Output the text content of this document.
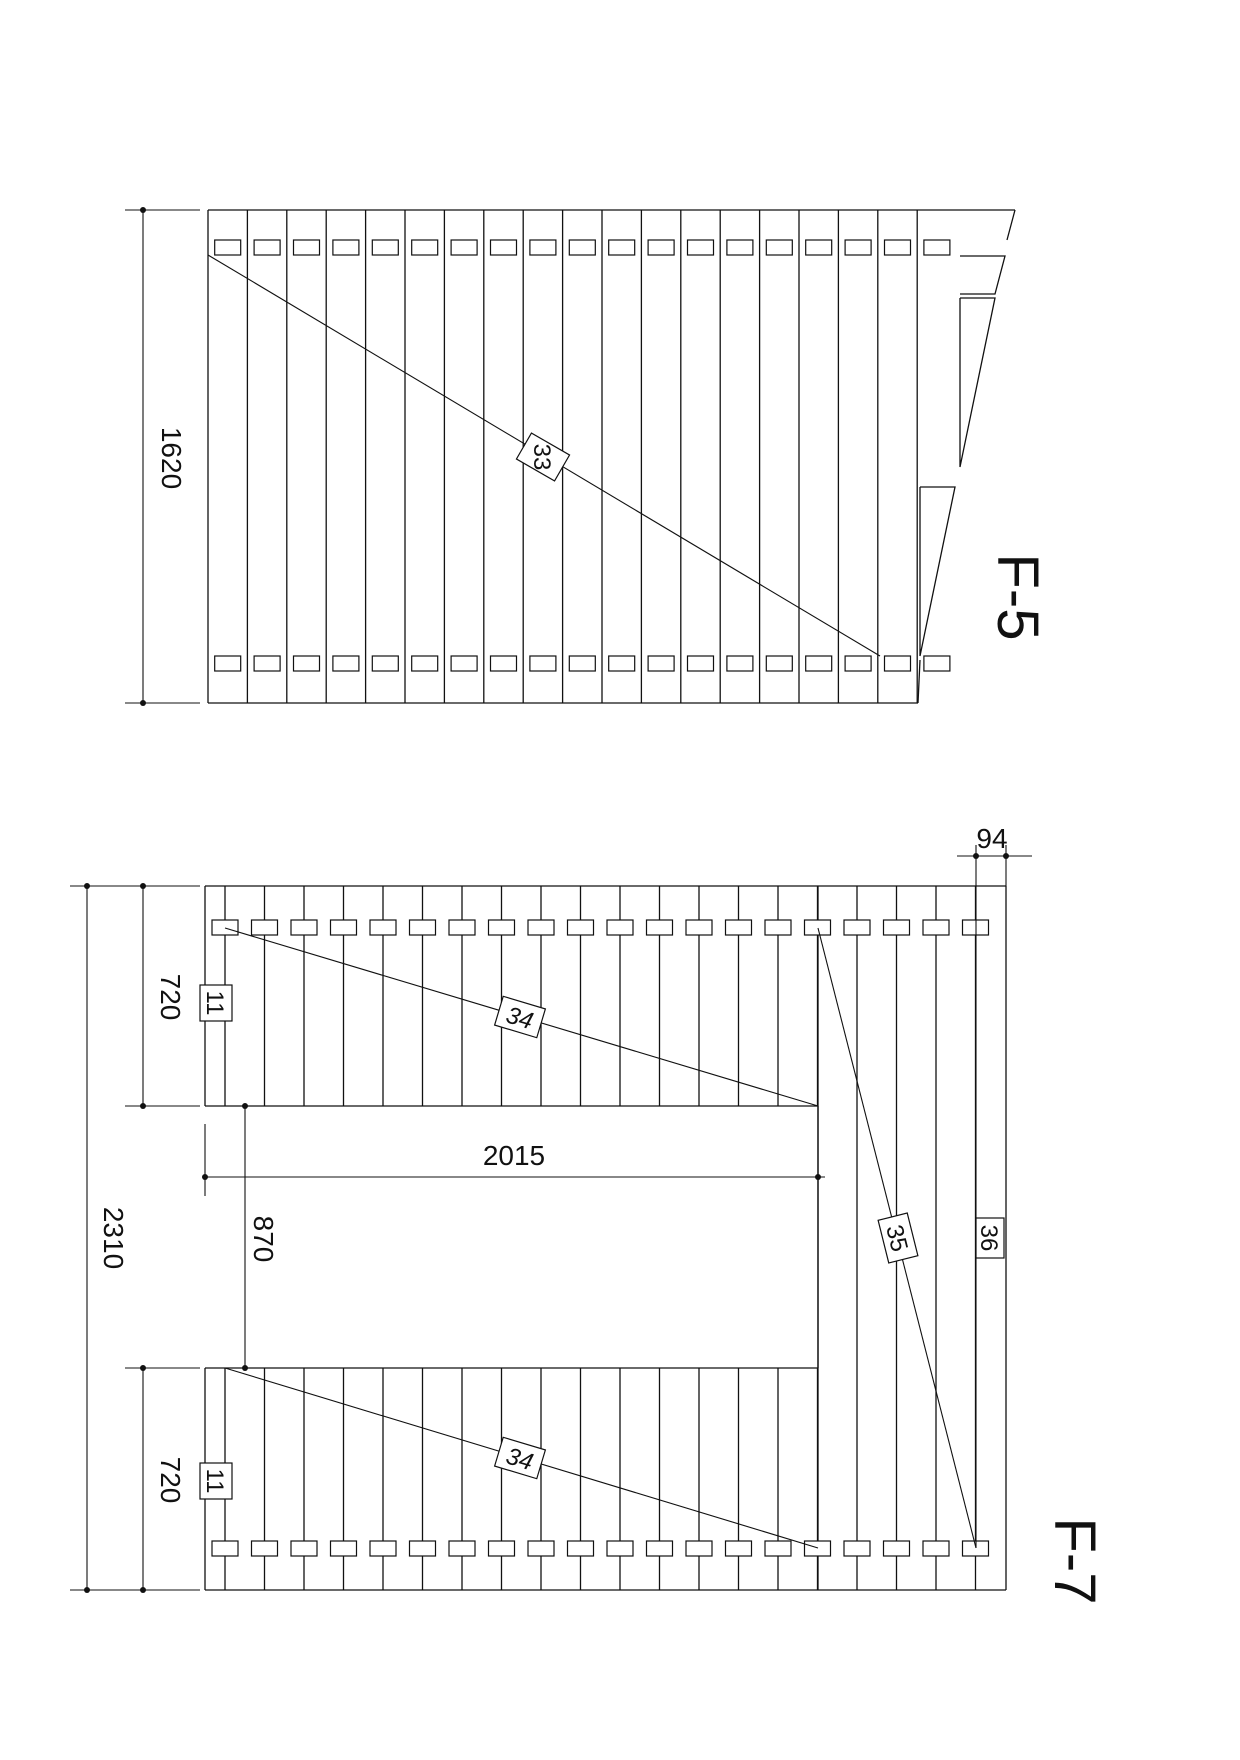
33
1620
F-5
34
34
35	36
11
11
2310
720
720
2015
870
94
F-7
